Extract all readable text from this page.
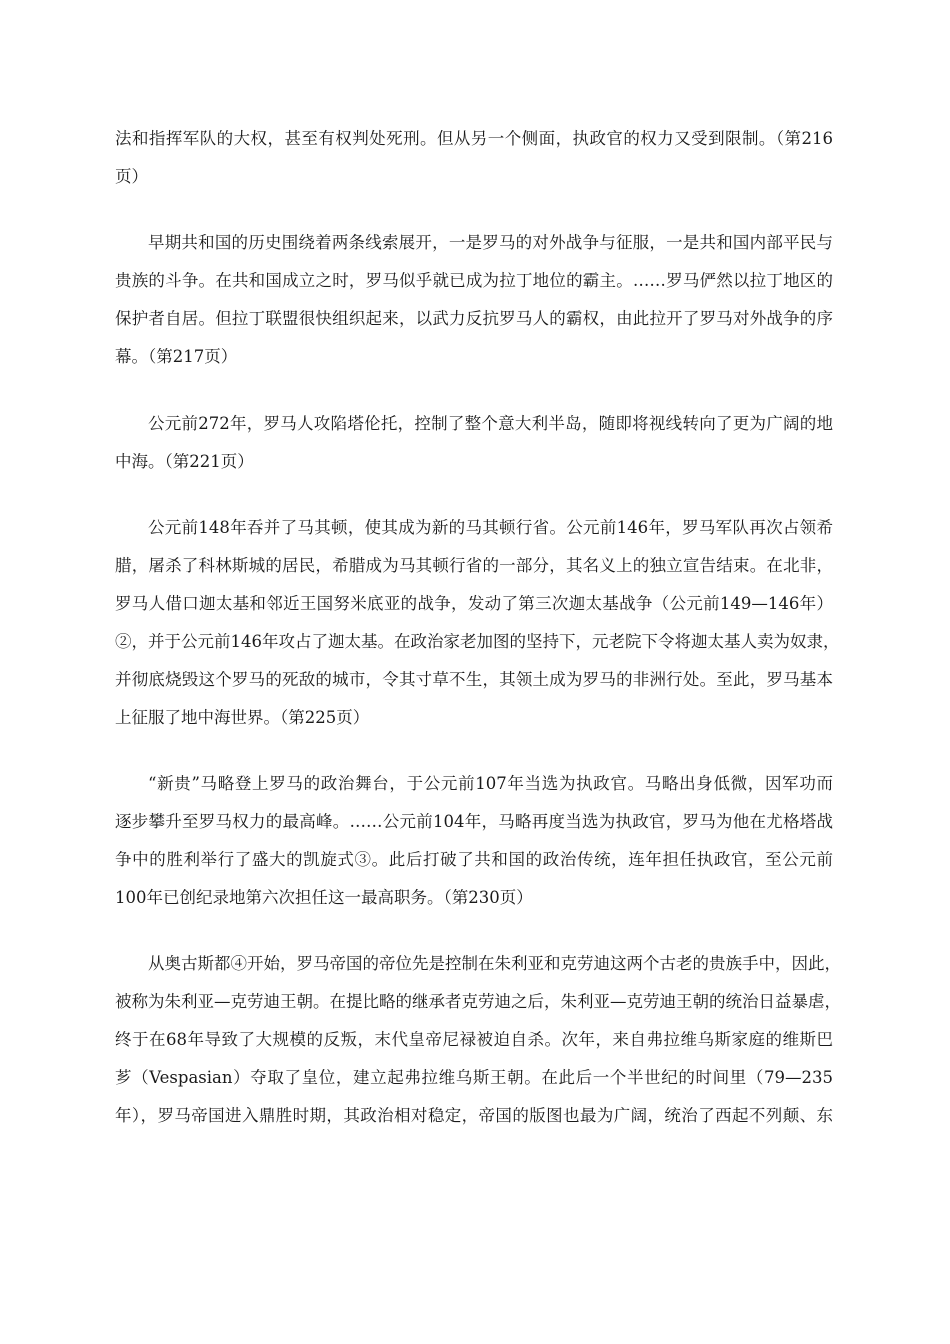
法和指挥军队的大权，甚至有权判处死刑。但从另一个侧面，执政官的权力又受到限制。（第216
页）
早期共和国的历史围绕着两条线索展开，一是罗马的对外战争与征服，一是共和国内部平民与
贵族的斗争。在共和国成立之时，罗马似乎就已成为拉丁地位的霸主。……罗马俨然以拉丁地区的
保护者自居。但拉丁联盟很快组织起来，以武力反抗罗马人的霸权，由此拉开了罗马对外战争的序
幕。（第217页）
公元前272年，罗马人攻陷塔伦托，控制了整个意大利半岛，随即将视线转向了更为广阔的地
中海。（第221页）
公元前148年吞并了马其顿，使其成为新的马其顿行省。公元前146年，罗马军队再次占领希
腊，屠杀了科林斯城的居民，希腊成为马其顿行省的一部分，其名义上的独立宣告结束。在北非，
罗马人借口迦太基和邻近王国努米底亚的战争，发动了第三次迦太基战争（公元前149—146年）
②，并于公元前146年攻占了迦太基。在政治家老加图的坚持下，元老院下令将迦太基人卖为奴隶，
并彻底烧毁这个罗马的死敌的城市，令其寸草不生，其领土成为罗马的非洲行处。至此，罗马基本
上征服了地中海世界。（第225页）
“新贵”马略登上罗马的政治舞台，于公元前107年当选为执政官。马略出身低微，因军功而
逐步攀升至罗马权力的最高峰。……公元前104年，马略再度当选为执政官，罗马为他在尤格塔战
争中的胜利举行了盛大的凯旋式③。此后打破了共和国的政治传统，连年担任执政官，至公元前
100年已创纪录地第六次担任这一最高职务。（第230页）
从奥古斯都④开始，罗马帝国的帝位先是控制在朱利亚和克劳迪这两个古老的贵族手中，因此，
被称为朱利亚—克劳迪王朝。在提比略的继承者克劳迪之后，朱利亚—克劳迪王朝的统治日益暴虐，
终于在68年导致了大规模的反叛，末代皇帝尼禄被迫自杀。次年，来自弗拉维乌斯家庭的维斯巴
芗（Vespasian）夺取了皇位，建立起弗拉维乌斯王朝。在此后一个半世纪的时间里（79—235
年），罗马帝国进入鼎胜时期，其政治相对稳定，帝国的版图也最为广阔，统治了西起不列颠、东
